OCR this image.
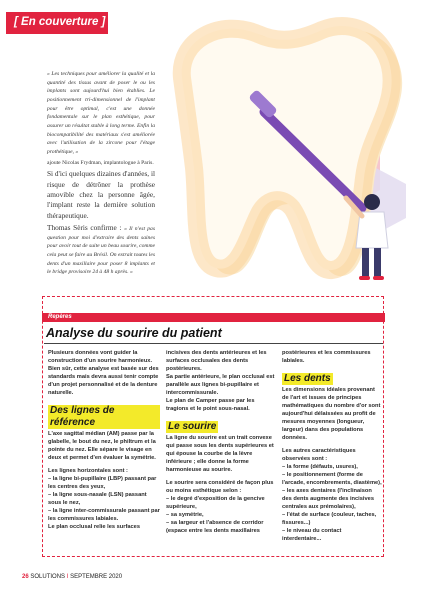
[ En couverture ]

« Les techniques pour améliorer la qualité et la quantité des tissus avant de poser le ou les implants sont aujourd'hui bien établies. Le positionnement tri-dimensionnel de l'implant pour être optimal, c'est une donnée fondamentale sur le plan esthétique, pour assurer un résultat stable à long terme. Enfin la biocompatibilité des matériaux s'est améliorée avec l'utilisation de la zircone pour l'étage prothétique, »

ajoute Nicolas Frydman, implantologue à Paris.

Si d'ici quelques dizaines d'années, il risque de détrôner la prothèse amovible chez la personne âgée, l'implant reste la dernière solution thérapeutique.

Thomas Sèris confirme : « Il n'est pas question pour moi d'extraire des dents saines pour avoir tout de suite un beau sourire, comme cela peut se faire au Brésil. On extrait toutes les dents d'un maxillaire pour poser 8 implants et le bridge provisoire 24 à 48 h après. »

Repères
Analyse du sourire du patient

Plusieurs données vont guider la construction d'un sourire harmonieux. Bien sûr, cette analyse est basée sur des standards mais devra aussi tenir compte d'un projet personnalisé et de la denture naturelle.

Des lignes de référence

L'axe sagittal médian (AM) passe par la glabelle, le bout du nez, le philtrum et la pointe du nez. Elle sépare le visage en deux et permet d'en évaluer la symétrie.

Les lignes horizontales sont :

– la ligne bi-pupillaire (LBP) passant par les centres des yeux,
– la ligne sous-nasale (LSN) passant sous le nez,
– la ligne inter-commissurale passant par les commissures labiales.
Le plan occlusal relie les surfaces

incisives des dents antérieures et les surfaces occlusales des dents postérieures.

Sa partie antérieure, le plan occlusal est parallèle aux lignes bi-pupillaire et intercommissurale.

Le plan de Camper passe par les tragions et le point sous-nasal.

Le sourire

La ligne du sourire est un trait convexe qui passe sous les dents supérieures et qui épouse la courbe de la lèvre inférieure ; elle donne la forme harmonieuse au sourire.

Le sourire sera considéré de façon plus ou moins esthétique selon :

– le degré d'exposition de la gencive supérieure,
– sa symétrie,
– sa largeur et l'absence de corridor (espace entre les dents maxillaires

postérieures et les commissures labiales.

Les dents

Les dimensions idéales provenant de l'art et issues de principes mathématiques du nombre d'or sont aujourd'hui délaissées au profit de mesures moyennes (longueur, largeur) dans des populations données.

Les autres caractéristiques observées sont :

– la forme (défauts, usures),
– le positionnement (forme de l'arcade, encombrements, diastème),
– les axes dentaires (l'inclinaison des dents augmente des incisives centrales aux prémolaires),
– l'état de surface (couleur, taches, fissures...)
– le niveau du contact interdentaire...
26 SOLUTIONS I SEPTEMBRE 2020
